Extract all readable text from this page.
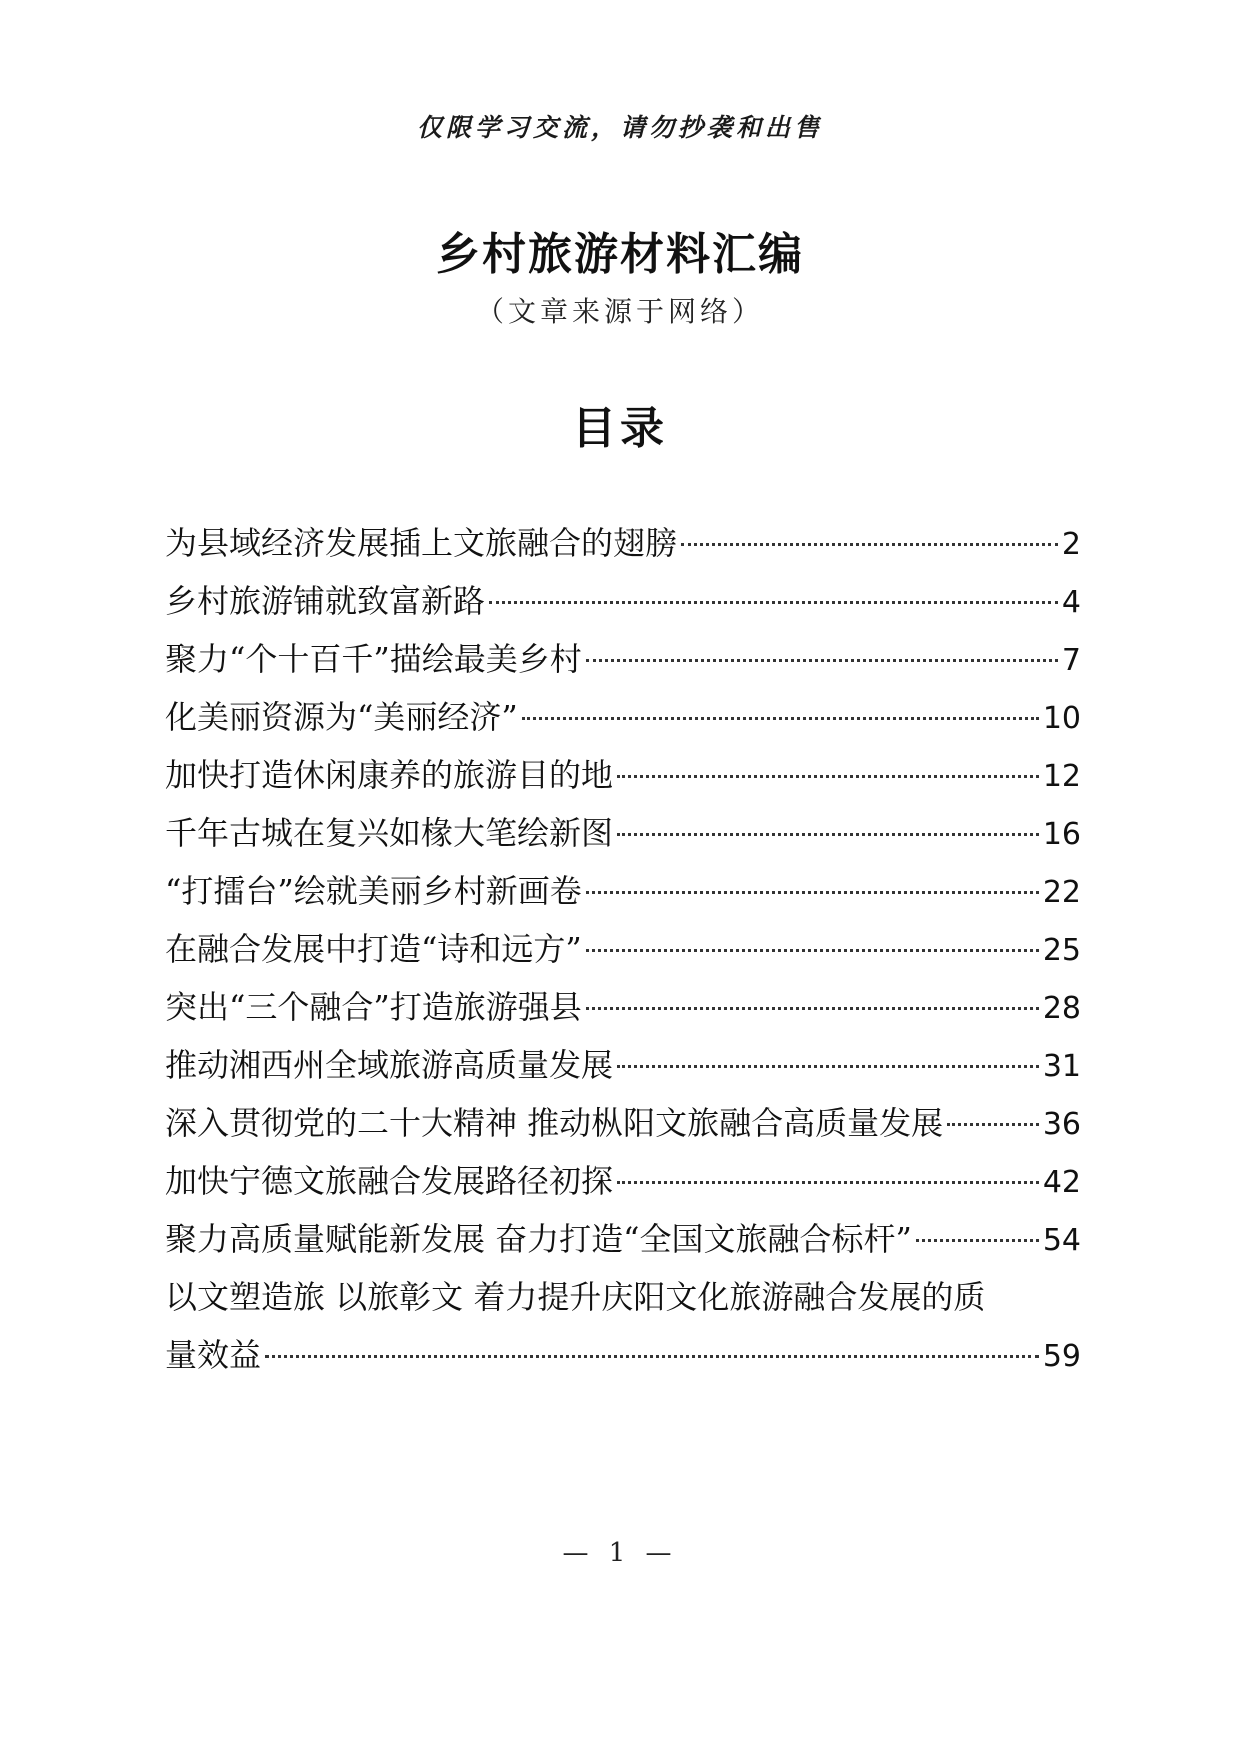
仅限学习交流，请勿抄袭和出售
乡村旅游材料汇编
（文章来源于网络）
目录
为县域经济发展插上文旅融合的翅膀	2
乡村旅游铺就致富新路	4
聚力“个十百千”描绘最美乡村	7
化美丽资源为“美丽经济”	10
加快打造休闲康养的旅游目的地	12
千年古城在复兴如椽大笔绘新图	16
“打擂台”绘就美丽乡村新画卷	22
在融合发展中打造“诗和远方”	25
突出“三个融合”打造旅游强县	28
推动湘西州全域旅游高质量发展	31
深入贯彻党的二十大精神 推动枞阳文旅融合高质量发展	36
加快宁德文旅融合发展路径初探	42
聚力高质量赋能新发展 奋力打造“全国文旅融合标杆”	54
以文塑造旅 以旅彰文 着力提升庆阳文化旅游融合发展的质
量效益	59
— 1 —
